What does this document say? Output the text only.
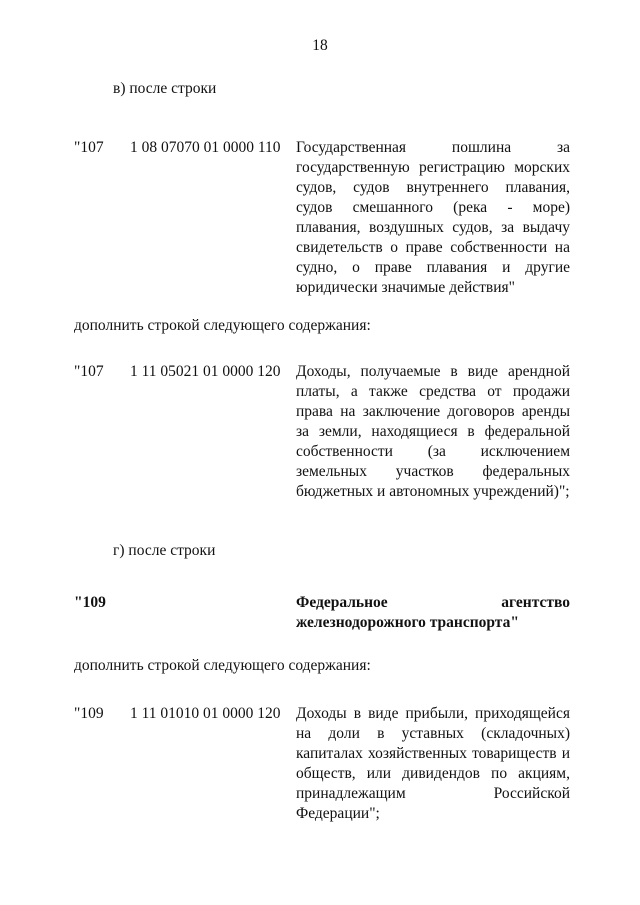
18
в) после строки
"107 1 08 07070 01 0000 110 Государственная пошлина за государственную регистрацию морских судов, судов внутреннего плавания, судов смешанного (река - море) плавания, воздушных судов, за выдачу свидетельств о праве собственности на судно, о праве плавания и другие юридически значимые действия"
дополнить строкой следующего содержания:
"107 1 11 05021 01 0000 120 Доходы, получаемые в виде арендной платы, а также средства от продажи права на заключение договоров аренды за земли, находящиеся в федеральной собственности (за исключением земельных участков федеральных бюджетных и автономных учреждений)";
г) после строки
"109	Федеральное агентство железнодорожного транспорта"
дополнить строкой следующего содержания:
"109 1 11 01010 01 0000 120 Доходы в виде прибыли, приходящейся на доли в уставных (складочных) капиталах хозяйственных товариществ и обществ, или дивидендов по акциям, принадлежащим Российской Федерации";
